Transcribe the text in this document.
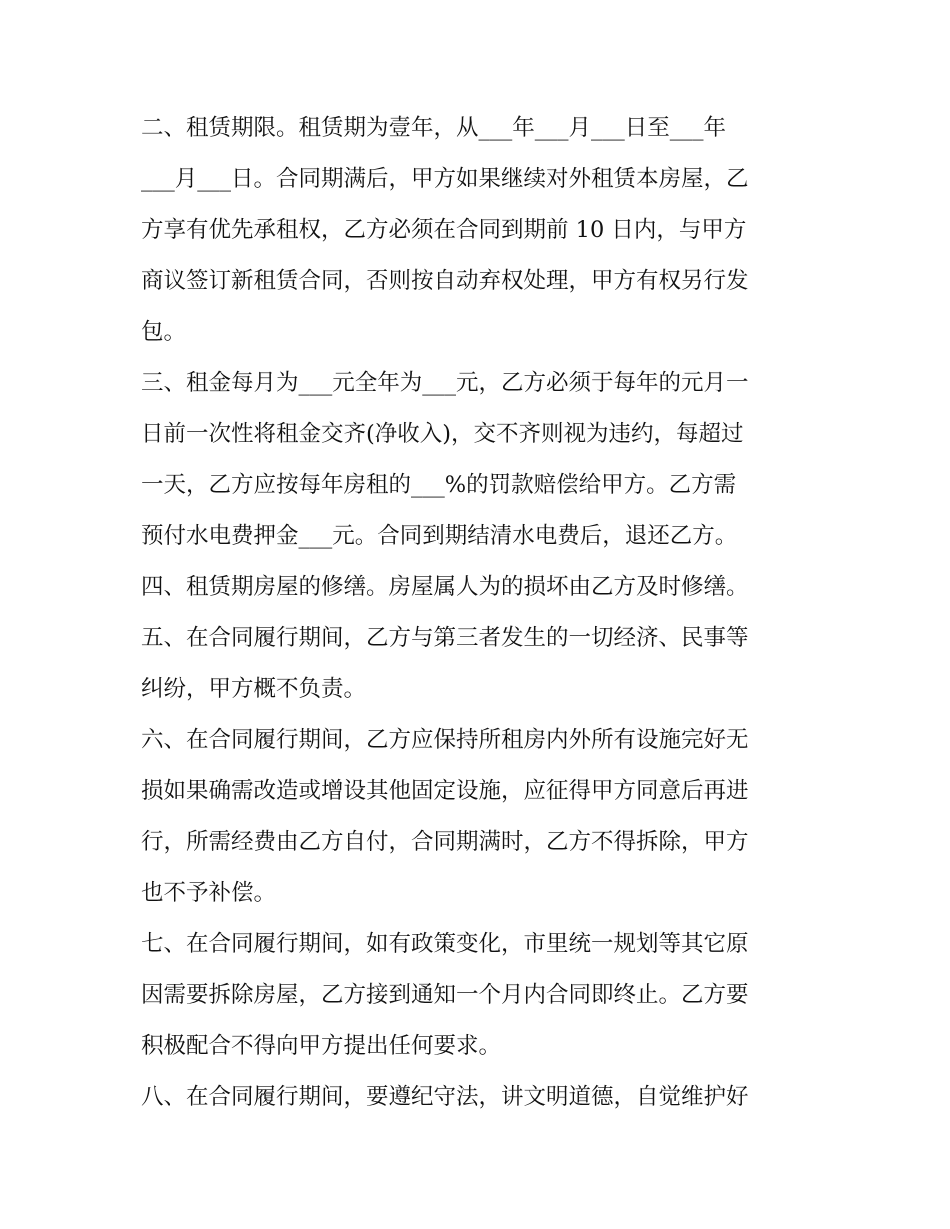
二、租赁期限。租赁期为壹年，从___年___月___日至___年
___月___日。合同期满后，甲方如果继续对外租赁本房屋，乙
方享有优先承租权，乙方必须在合同到期前 10 日内，与甲方
商议签订新租赁合同，否则按自动弃权处理，甲方有权另行发
包。
三、租金每月为___元全年为___元，乙方必须于每年的元月一
日前一次性将租金交齐(净收入)，交不齐则视为违约，每超过
一天，乙方应按每年房租的___%的罚款赔偿给甲方。乙方需
预付水电费押金___元。合同到期结清水电费后，退还乙方。
四、租赁期房屋的修缮。房屋属人为的损坏由乙方及时修缮。
五、在合同履行期间，乙方与第三者发生的一切经济、民事等
纠纷，甲方概不负责。
六、在合同履行期间，乙方应保持所租房内外所有设施完好无
损如果确需改造或增设其他固定设施，应征得甲方同意后再进
行，所需经费由乙方自付，合同期满时，乙方不得拆除，甲方
也不予补偿。
七、在合同履行期间，如有政策变化，市里统一规划等其它原
因需要拆除房屋，乙方接到通知一个月内合同即终止。乙方要
积极配合不得向甲方提出任何要求。
八、在合同履行期间，要遵纪守法，讲文明道德，自觉维护好
